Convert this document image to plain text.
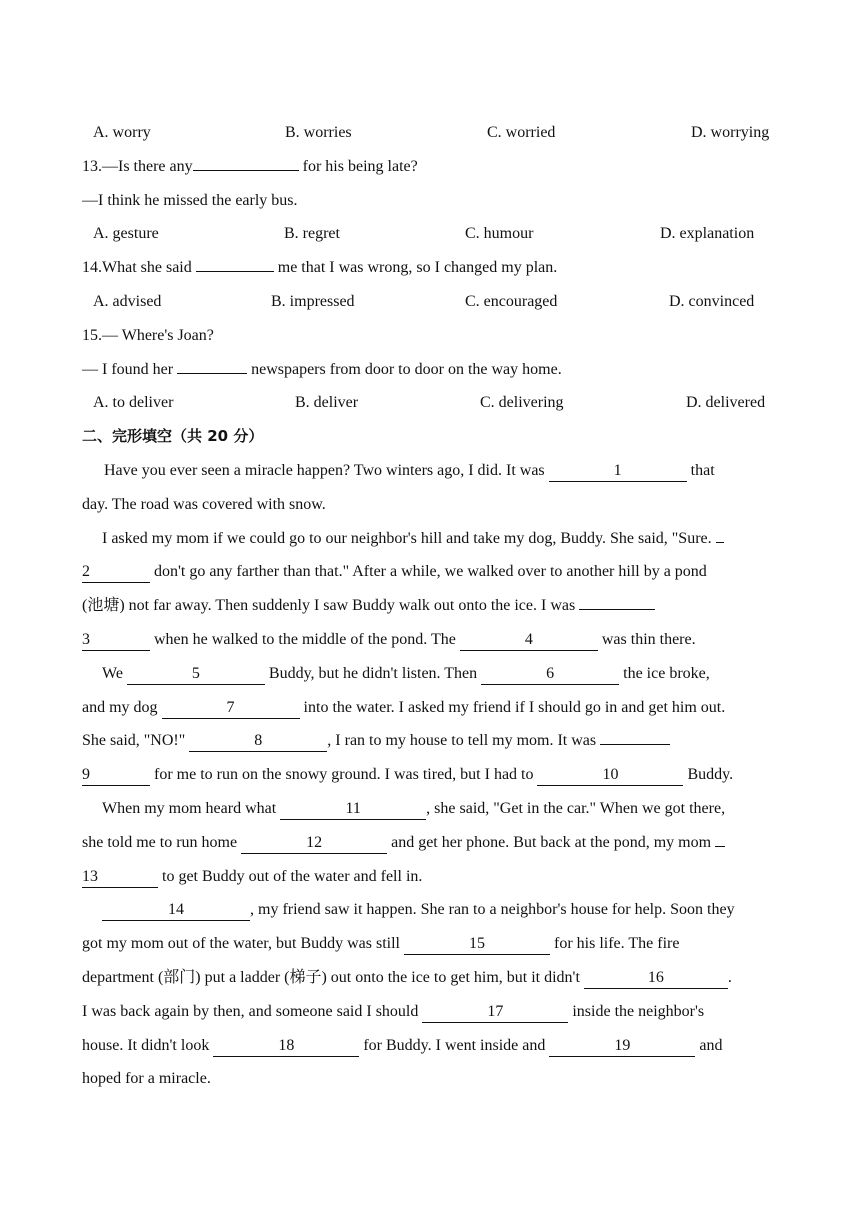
A. worry	B. worries	C. worried	D. worrying
13.—Is there any	for his being late?
—I think he missed the early bus.
A. gesture	B. regret	C. humour	D. explanation
14.What she said	me that I was wrong, so I changed my plan.
A. advised	B. impressed	C. encouraged	D. convinced
15.— Where's Joan?
— I found her	newspapers from door to door on the way home.
A. to deliver	B. deliver	C. delivering	D. delivered
二、完形填空（共 20 分）
Have you ever seen a miracle happen? Two winters ago, I did. It was	1	that
day. The road was covered with snow.
I asked my mom if we could go to our neighbor's hill and take my dog, Buddy. She said, "Sure.
2	don't go any farther than that." After a while, we walked over to another hill by a pond
(池塘) not far away. Then suddenly I saw Buddy walk out onto the ice. I was
3	when he walked to the middle of the pond. The	4	was thin there.
We	5	Buddy, but he didn't listen. Then	6	the ice broke,
and my dog	7	into the water. I asked my friend if I should go in and get him out.
She said, "NO!"	8	, I ran to my house to tell my mom. It was
9	for me to run on the snowy ground. I was tired, but I had to	10	Buddy.
When my mom heard what	11	, she said, "Get in the car." When we got there,
she told me to run home	12	and get her phone. But back at the pond, my mom
13	to get Buddy out of the water and fell in.
14	, my friend saw it happen. She ran to a neighbor's house for help. Soon they
got my mom out of the water, but Buddy was still	15	for his life. The fire
department (部门) put a ladder (梯子) out onto the ice to get him, but it didn't	16	.
I was back again by then, and someone said I should	17	inside the neighbor's
house. It didn't look	18	for Buddy. I went inside and	19	and
hoped for a miracle.
